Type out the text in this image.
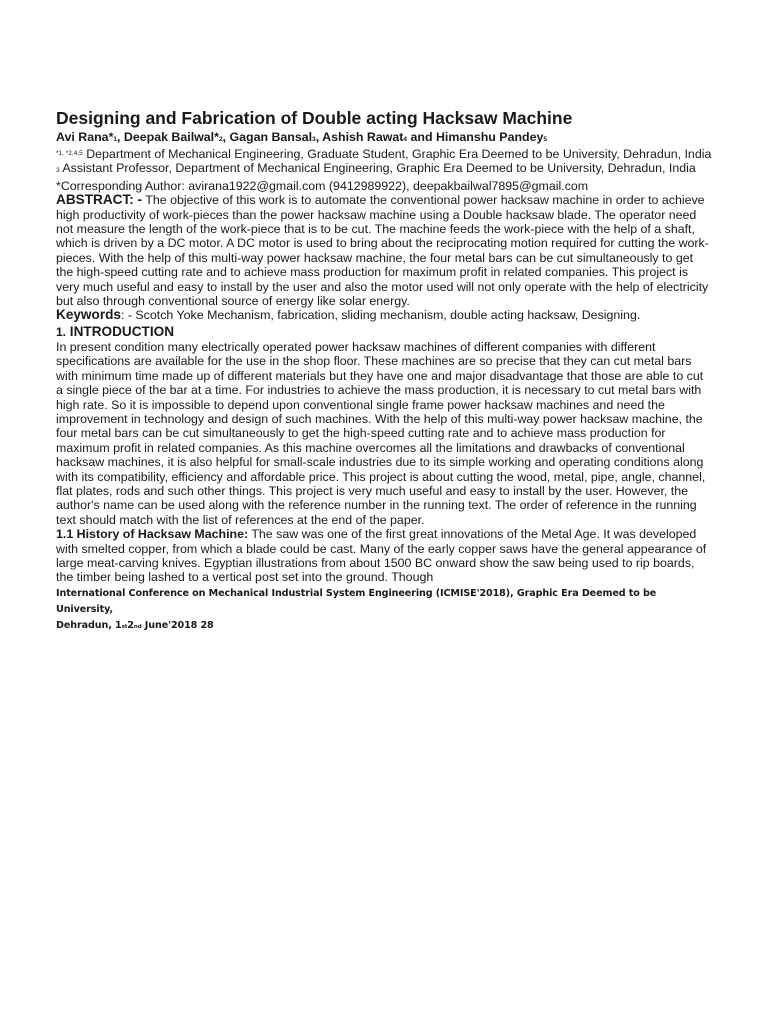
Designing and Fabrication of Double acting Hacksaw Machine
Avi Rana*1, Deepak Bailwal*2, Gagan Bansal3, Ashish Rawat4 and Himanshu Pandey5

$^{*1, *2,4,5}$ Department of Mechanical Engineering, Graduate Student, Graphic Era Deemed to be University, Dehradun, India

3 Assistant Professor, Department of Mechanical Engineering, Graphic Era Deemed to be University, Dehradun, India

*Corresponding Author: avirana1922@gmail.com (9412989922), deepakbailwal7895@gmail.com

ABSTRACT: - The objective of this work is to automate the conventional power hacksaw machine in order to achieve high productivity of work-pieces than the power hacksaw machine using a Double hacksaw blade. The operator need not measure the length of the work-piece that is to be cut. The machine feeds the work-piece with the help of a shaft, which is driven by a DC motor. A DC motor is used to bring about the reciprocating motion required for cutting the work-pieces. With the help of this multi-way power hacksaw machine, the four metal bars can be cut simultaneously to get the high-speed cutting rate and to achieve mass production for maximum profit in related companies. This project is very much useful and easy to install by the user and also the motor used will not only operate with the help of electricity but also through conventional source of energy like solar energy.

Keywords: - Scotch Yoke Mechanism, fabrication, sliding mechanism, double acting hacksaw, Designing.

1. INTRODUCTION

In present condition many electrically operated power hacksaw machines of different companies with different specifications are available for the use in the shop floor. These machines are so precise that they can cut metal bars with minimum time made up of different materials but they have one and major disadvantage that those are able to cut a single piece of the bar at a time. For industries to achieve the mass production, it is necessary to cut metal bars with high rate. So it is impossible to depend upon conventional single frame power hacksaw machines and need the improvement in technology and design of such machines. With the help of this multi-way power hacksaw machine, the four metal bars can be cut simultaneously to get the high-speed cutting rate and to achieve mass production for maximum profit in related companies. As this machine overcomes all the limitations and drawbacks of conventional hacksaw machines, it is also helpful for small-scale industries due to its simple working and operating conditions along with its compatibility, efficiency and affordable price. This project is about cutting the wood, metal, pipe, angle, channel, flat plates, rods and such other things. This project is very much useful and easy to install by the user. However, the author's name can be used along with the reference number in the running text. The order of reference in the running text should match with the list of references at the end of the paper.

1.1 History of Hacksaw Machine: The saw was one of the first great innovations of the Metal Age. It was developed with smelted copper, from which a blade could be cast. Many of the early copper saws have the general appearance of large meat-carving knives. Egyptian illustrations from about 1500 BC onward show the saw being used to rip boards, the timber being lashed to a vertical post set into the ground. Though

International Conference on Mechanical Industrial System Engineering (ICMISE'2018), Graphic Era Deemed to be University,
Dehradun, 1st2nd June'2018 28
